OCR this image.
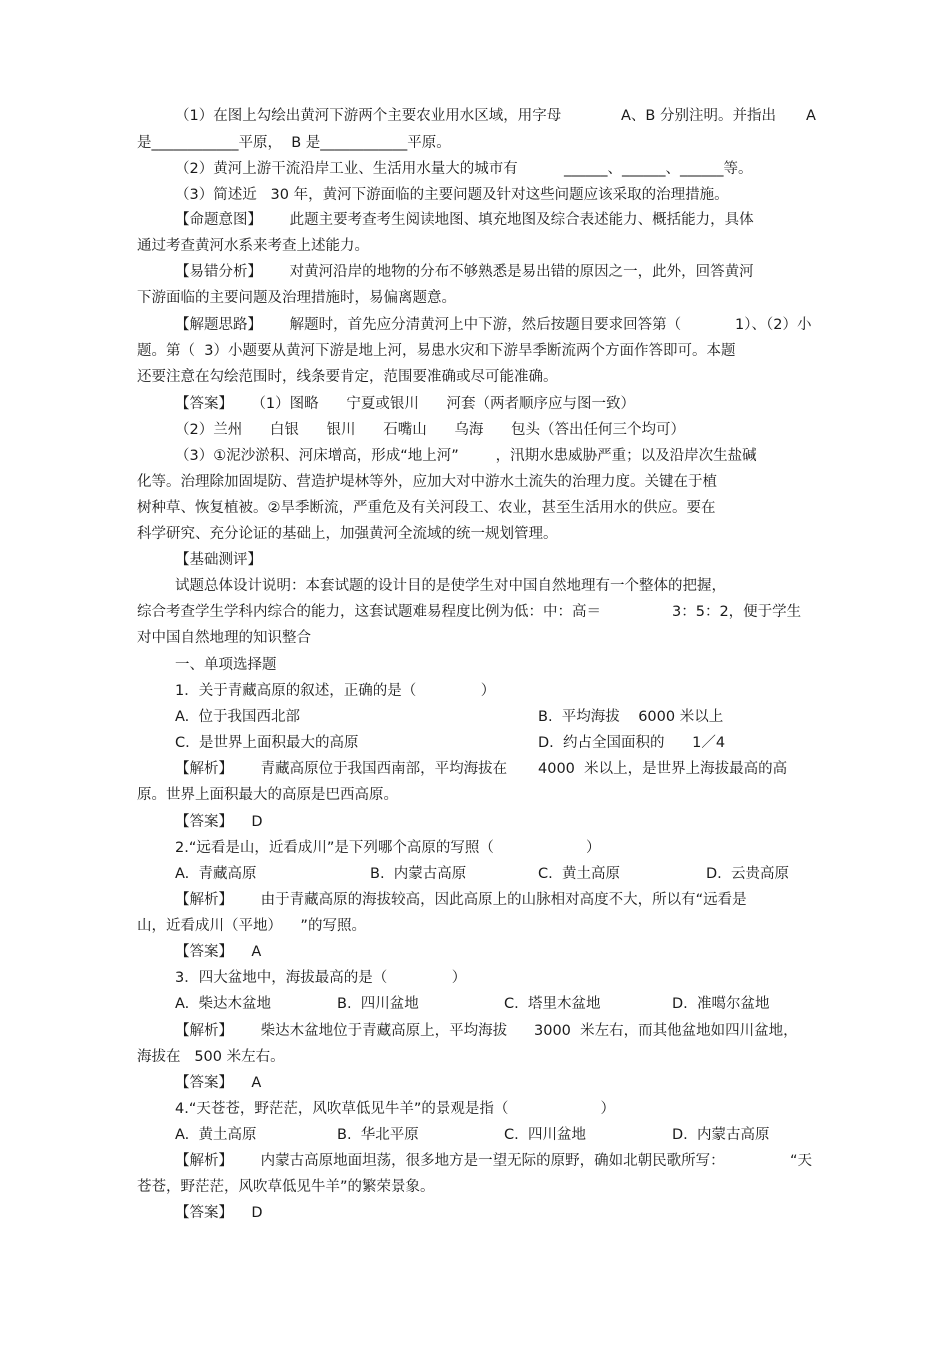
（1）在图上勾绘出黄河下游两个主要农业用水区域，用字母	A、B 分别注明。并指出 A
是____________平原，  B 是____________平原。
（2）黄河上游干流沿岸工业、生活用水量大的城市有	______、______、______等。
（3）简述近   30 年，黄河下游面临的主要问题及针对这些问题应该采取的治理措施。
【命题意图】      此题主要考查考生阅读地图、填充地图及综合表述能力、概括能力，具体
通过考查黄河水系来考查上述能力。
【易错分析】      对黄河沿岸的地物的分布不够熟悉是易出错的原因之一，此外，回答黄河
下游面临的主要问题及治理措施时，易偏离题意。
【解题思路】      解题时，首先应分清黄河上中下游，然后按题目要求回答第（	1）、（2）小
题。第（  3）小题要从黄河下游是地上河，易患水灾和下游旱季断流两个方面作答即可。本题
还要注意在勾绘范围时，线条要肯定，范围要准确或尽可能准确。
【答案】    （1）图略      宁夏或银川      河套（两者顺序应与图一致）
（2）兰州      白银      银川      石嘴山      乌海      包头（答出任何三个均可）
（3）①泥沙淤积、河床增高，形成“地上河”        ，汛期水患威胁严重；以及沿岸次生盐碱
化等。治理除加固堤防、营造护堤林等外，应加大对中游水土流失的治理力度。关键在于植
树种草、恢复植被。②旱季断流，严重危及有关河段工、农业，甚至生活用水的供应。要在
科学研究、充分论证的基础上，加强黄河全流域的统一规划管理。
【基础测评】
试题总体设计说明：本套试题的设计目的是使学生对中国自然地理有一个整体的把握，
综合考查学生学科内综合的能力，这套试题难易程度比例为低：中：高＝	3：5：2，便于学生
对中国自然地理的知识整合
一、单项选择题
1．关于青藏高原的叙述，正确的是（              ）
A.  位于我国西北部	B.  平均海拔    6000 米以上
C.  是世界上面积最大的高原	D.  约占全国面积的      1／4
【解析】      青藏高原位于我国西南部，平均海拔在 4000  米以上，是世界上海拔最高的高
原。世界上面积最大的高原是巴西高原。
【答案】    D
2.“远看是山，近看成川”是下列哪个高原的写照（                    ）
A.  青藏高原	B.  内蒙古高原	C.  黄土高原	D.  云贵高原
【解析】      由于青藏高原的海拔较高，因此高原上的山脉相对高度不大，所以有“远看是
山，近看成川（平地）    ”的写照。
【答案】    A
3．四大盆地中，海拔最高的是（              ）
A.  柴达木盆地	B.  四川盆地	C.  塔里木盆地	D.  准噶尔盆地
【解析】      柴达木盆地位于青藏高原上，平均海拔 3000  米左右，而其他盆地如四川盆地，
海拔在   500 米左右。
【答案】    A
4.“天苍苍，野茫茫，风吹草低见牛羊”的景观是指（                    ）
A.  黄土高原	B.  华北平原	C.  四川盆地	D.  内蒙古高原
【解析】      内蒙古高原地面坦荡，很多地方是一望无际的原野，确如北朝民歌所写：	“天
苍苍，野茫茫，风吹草低见牛羊”的繁荣景象。
【答案】    D
